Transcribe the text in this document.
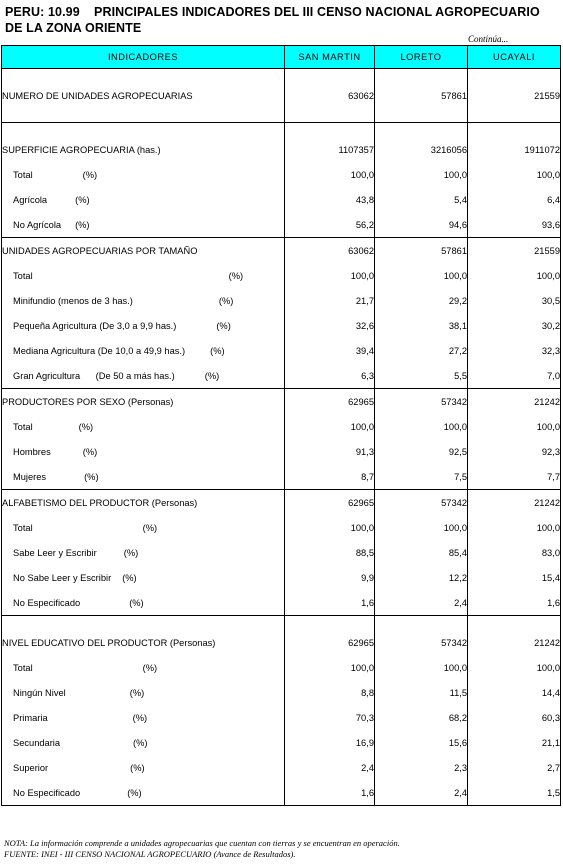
PERU: 10.99    PRINCIPALES INDICADORES DEL III CENSO NACIONAL AGROPECUARIO
DE LA ZONA ORIENTE
Continúa...
INDICADORES	SAN MARTIN	LORETO	UCAYALI

NUMERO DE UNIDADES AGROPECUARIAS	63062	57861	21559

SUPERFICIE AGROPECUARIA (has.)	1107357	3216056	1911072
Total (%)	100,0	100,0	100,0
Agrícola (%)	43,8	5,4	6,4
No Agrícola (%)	56,2	94,6	93,6
UNIDADES AGROPECUARIAS POR TAMAÑO	63062	57861	21559
Total (%)	100,0	100,0	100,0
Minifundio (menos de 3 has.) (%)	21,7	29,2	30,5
Pequeña Agricultura (De 3,0 a 9,9 has.) (%)	32,6	38,1	30,2
Mediana Agricultura (De 10,0 a 49,9 has.) (%)	39,4	27,2	32,3
Gran Agricultura      (De 50 a más has.) (%)	6,3	5,5	7,0
PRODUCTORES POR SEXO (Personas)	62965	57342	21242
Total (%)	100,0	100,0	100,0
Hombres (%)	91,3	92,5	92,3
Mujeres (%)	8,7	7,5	7,7
ALFABETISMO DEL PRODUCTOR (Personas)	62965	57342	21242
Total (%)	100,0	100,0	100,0
Sabe Leer y Escribir (%)	88,5	85,4	83,0
No Sabe Leer y Escribir (%)	9,9	12,2	15,4
No Especificado (%)	1,6	2,4	1,6

NIVEL EDUCATIVO DEL PRODUCTOR (Personas)	62965	57342	21242
Total (%)	100,0	100,0	100,0
Ningún Nivel (%)	8,8	11,5	14,4
Primaria (%)	70,3	68,2	60,3
Secundaria (%)	16,9	15,6	21,1
Superior (%)	2,4	2,3	2,7
No Especificado (%)	1,6	2,4	1,5
NOTA: La información comprende a unidades agropecuarias que cuentan con tierras y se encuentran en operación.
FUENTE: INEI - III CENSO NACIONAL AGROPECUARIO (Avance de Resultados).
